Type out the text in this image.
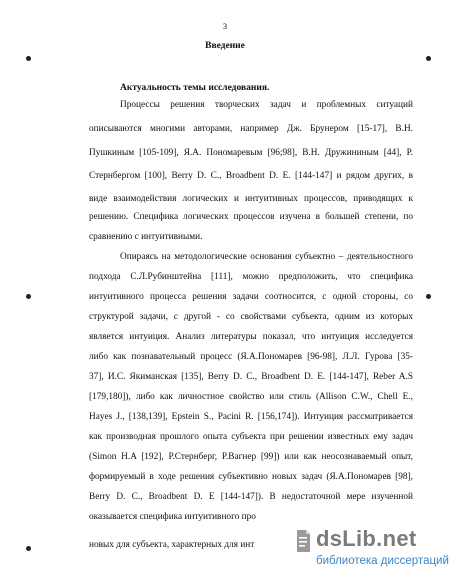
3
Введение
Актуальность темы исследования.
Процессы решения творческих задач и проблемных ситуаций
описываются многими авторами, например Дж. Брунером [15-17], В.Н.
Пушкиным [105-109], Я.А. Пономаревым [96;98], В.Н. Дружининым [44], Р.
Стернбергом [100], Berry D. C., Broadbent D. E. [144-147] и рядом других, в
виде взаимодействия логических и интуитивных процессов, приводящих к
решению. Специфика логических процессов изучена в большей степени, по
сравнению с интуитивными.
Опираясь на методологические основания субъектно – деятельностного
подхода С.Л.Рубинштейна [111], можно предположить, что специфика
интуитивного процесса решения задачи соотносится, с одной стороны, со
структурой задачи, с другой - со свойствами субъекта, одним из которых
является интуиция. Анализ литературы показал, что интуиция исследуется
либо как познавательный процесс (Я.А.Пономарев [96-98], Л.Л. Гурова [35-
37], И.С. Якиманская [135], Berry D. C., Broadbent D. E. [144-147], Reber A.S
[179,180]), либо как личностное свойство или стиль (Allison C.W., Chell E.,
Hayes J., [138,139], Epstein S., Pacini R. [156,174]). Интуиция рассматривается
как производная прошлого опыта субъекта при решении известных ему задач
(Simon H.A [192], Р.Стернберг, Р.Вагнер [99]) или как неосознаваемый опыт,
формируемый в ходе решения субъективно новых задач (Я.А.Пономарев [98],
Berry D. C., Broadbent D. E [144-147]). В недостаточной мере изученной
оказывается специфика интуитивного про
новых для субъекта, характерных для инт	dsLib.net
библиотека диссертаций
